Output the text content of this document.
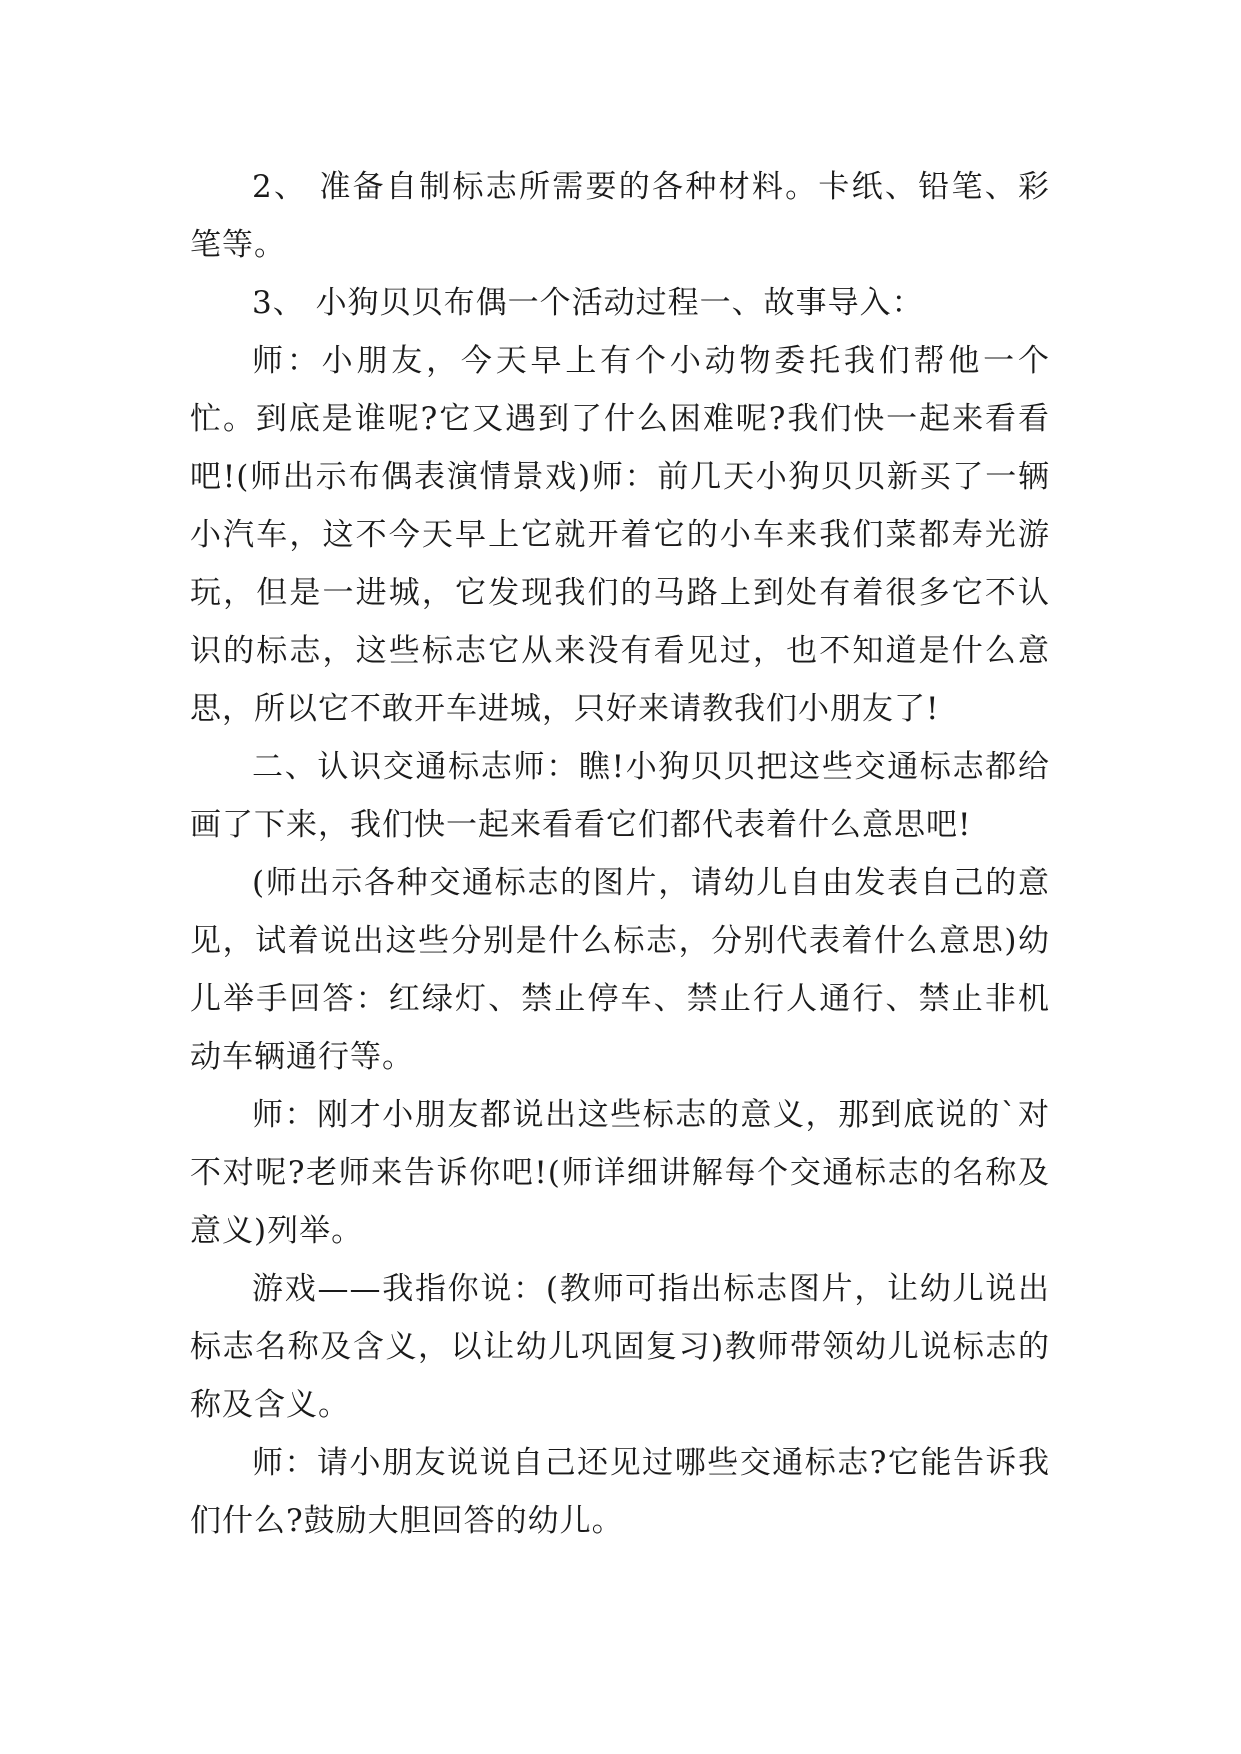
2、 准备自制标志所需要的各种材料。卡纸、铅笔、彩笔等。

3、 小狗贝贝布偶一个活动过程一、故事导入：

师：小朋友，今天早上有个小动物委托我们帮他一个忙。到底是谁呢?它又遇到了什么困难呢?我们快一起来看看吧!(师出示布偶表演情景戏)师：前几天小狗贝贝新买了一辆小汽车，这不今天早上它就开着它的小车来我们菜都寿光游玩，但是一进城，它发现我们的马路上到处有着很多它不认识的标志，这些标志它从来没有看见过，也不知道是什么意思，所以它不敢开车进城，只好来请教我们小朋友了!

二、认识交通标志师：瞧!小狗贝贝把这些交通标志都给画了下来，我们快一起来看看它们都代表着什么意思吧!

(师出示各种交通标志的图片，请幼儿自由发表自己的意见，试着说出这些分别是什么标志，分别代表着什么意思)幼儿举手回答：红绿灯、禁止停车、禁止行人通行、禁止非机动车辆通行等。

师：刚才小朋友都说出这些标志的意义，那到底说的`对不对呢?老师来告诉你吧!(师详细讲解每个交通标志的名称及意义)列举。

游戏——我指你说：(教师可指出标志图片，让幼儿说出标志名称及含义，以让幼儿巩固复习)教师带领幼儿说标志的称及含义。

师：请小朋友说说自己还见过哪些交通标志?它能告诉我们什么?鼓励大胆回答的幼儿。
